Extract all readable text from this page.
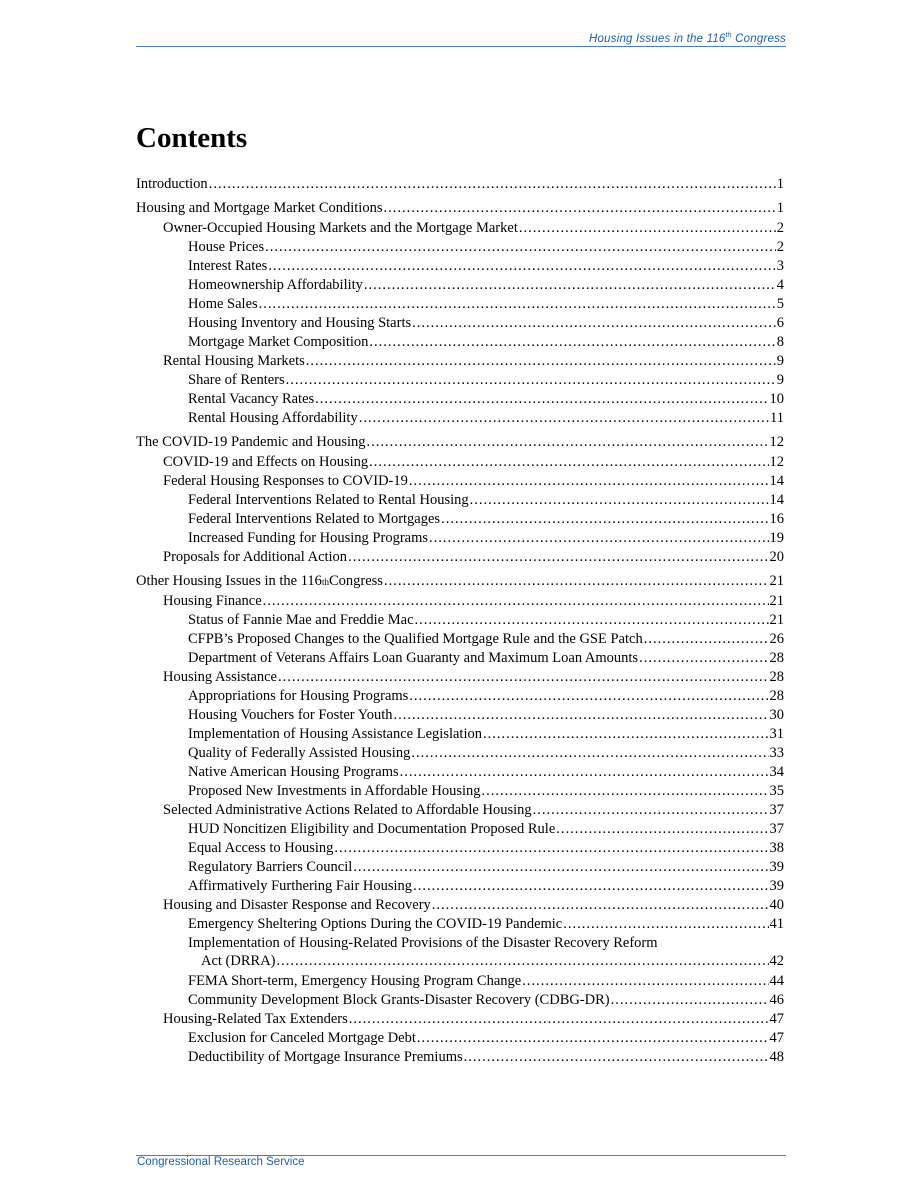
Housing Issues in the 116th Congress
Contents
Introduction .....	1
Housing and Mortgage Market Conditions .....	1
Owner-Occupied Housing Markets and the Mortgage Market .....	2
House Prices .....	2
Interest Rates .....	3
Homeownership Affordability .....	4
Home Sales .....	5
Housing Inventory and Housing Starts .....	6
Mortgage Market Composition .....	8
Rental Housing Markets .....	9
Share of Renters .....	9
Rental Vacancy Rates .....	10
Rental Housing Affordability .....	11
The COVID-19 Pandemic and Housing .....	12
COVID-19 and Effects on Housing .....	12
Federal Housing Responses to COVID-19 .....	14
Federal Interventions Related to Rental Housing .....	14
Federal Interventions Related to Mortgages .....	16
Increased Funding for Housing Programs .....	19
Proposals for Additional Action .....	20
Other Housing Issues in the 116 th Congress .....	21
Housing Finance .....	21
Status of Fannie Mae and Freddie Mac .....	21
CFPB’s Proposed Changes to the Qualified Mortgage Rule and the GSE Patch .....	26
Department of Veterans Affairs Loan Guaranty and Maximum Loan Amounts .....	28
Housing Assistance .....	28
Appropriations for Housing Programs .....	28
Housing Vouchers for Foster Youth .....	30
Implementation of Housing Assistance Legislation .....	31
Quality of Federally Assisted Housing .....	33
Native American Housing Programs .....	34
Proposed New Investments in Affordable Housing .....	35
Selected Administrative Actions Related to Affordable Housing .....	37
HUD Noncitizen Eligibility and Documentation Proposed Rule .....	37
Equal Access to Housing .....	38
Regulatory Barriers Council .....	39
Affirmatively Furthering Fair Housing .....	39
Housing and Disaster Response and Recovery .....	40
Emergency Sheltering Options During the COVID-19 Pandemic .....	41
Implementation of Housing-Related Provisions of the Disaster Recovery Reform
Act (DRRA) .....	42
FEMA Short-term, Emergency Housing Program Change .....	44
Community Development Block Grants-Disaster Recovery (CDBG-DR) .....	46
Housing-Related Tax Extenders .....	47
Exclusion for Canceled Mortgage Debt .....	47
Deductibility of Mortgage Insurance Premiums .....	48
Congressional Research Service
